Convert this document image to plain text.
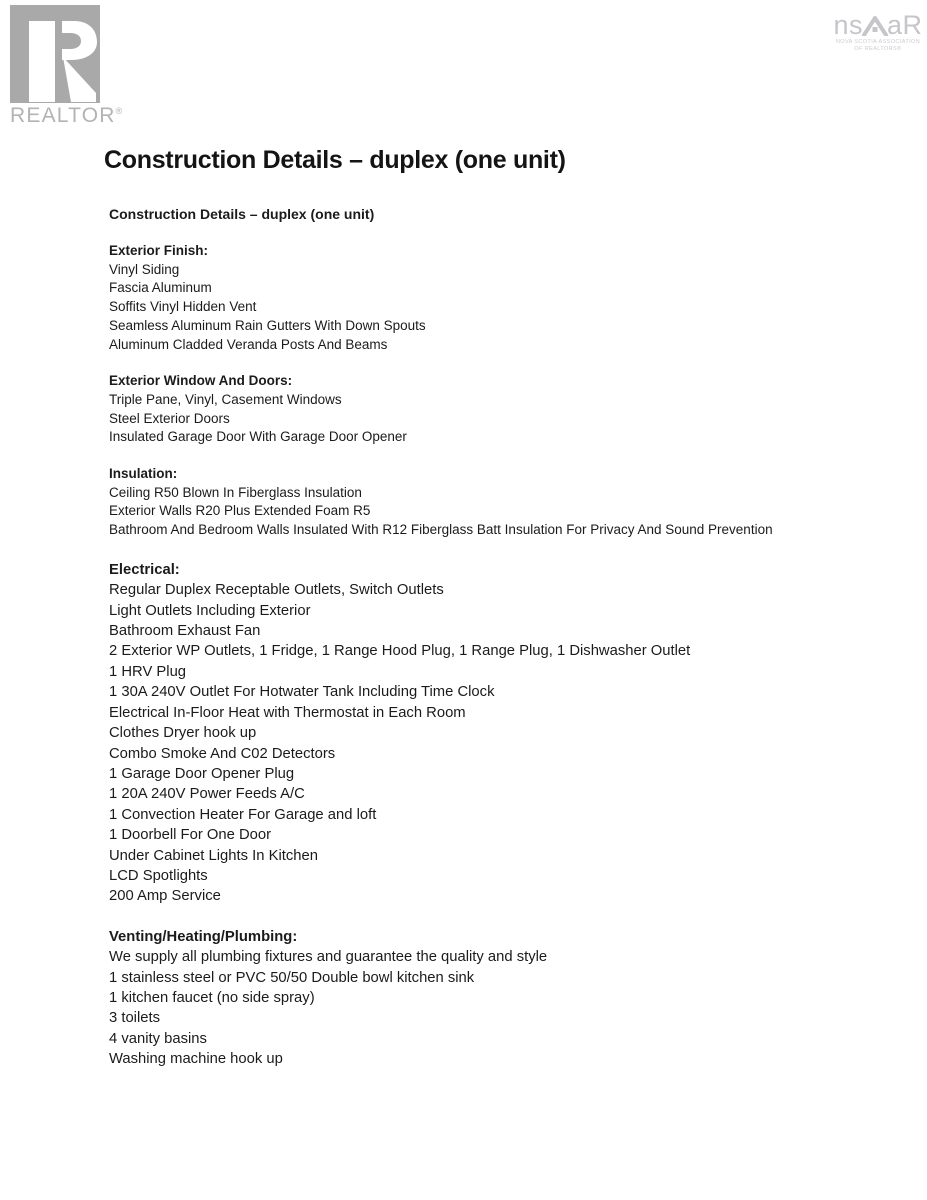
REALTOR®
ns aR
NOVA SCOTIA ASSOCIATION
OF REALTORS®
Construction Details – duplex (one unit)

Construction Details – duplex (one unit)

Exterior Finish:
Vinyl Siding
Fascia Aluminum
Soffits Vinyl Hidden Vent
Seamless Aluminum Rain Gutters With Down Spouts
Aluminum Cladded Veranda Posts And Beams
Exterior Window And Doors:
Triple Pane, Vinyl, Casement Windows
Steel Exterior Doors
Insulated Garage Door With Garage Door Opener
Insulation:
Ceiling R50 Blown In Fiberglass Insulation
Exterior Walls R20 Plus Extended Foam R5
Bathroom And Bedroom Walls Insulated With R12 Fiberglass Batt Insulation For Privacy And Sound Prevention
Electrical:
Regular Duplex Receptable Outlets, Switch Outlets
Light Outlets Including Exterior
Bathroom Exhaust Fan
2 Exterior WP Outlets, 1 Fridge, 1 Range Hood Plug, 1 Range Plug, 1 Dishwasher Outlet
1 HRV Plug
1 30A 240V Outlet For Hotwater Tank Including Time Clock
Electrical In-Floor Heat with Thermostat in Each Room
Clothes Dryer hook up
Combo Smoke And C02 Detectors
1 Garage Door Opener Plug
1 20A 240V Power Feeds A/C
1 Convection Heater For Garage and loft
1 Doorbell For One Door
Under Cabinet Lights In Kitchen
LCD Spotlights
200 Amp Service
Venting/Heating/Plumbing:
We supply all plumbing fixtures and guarantee the quality and style
1 stainless steel or PVC 50/50 Double bowl kitchen sink
1 kitchen faucet (no side spray)
3 toilets
4 vanity basins
Washing machine hook up
